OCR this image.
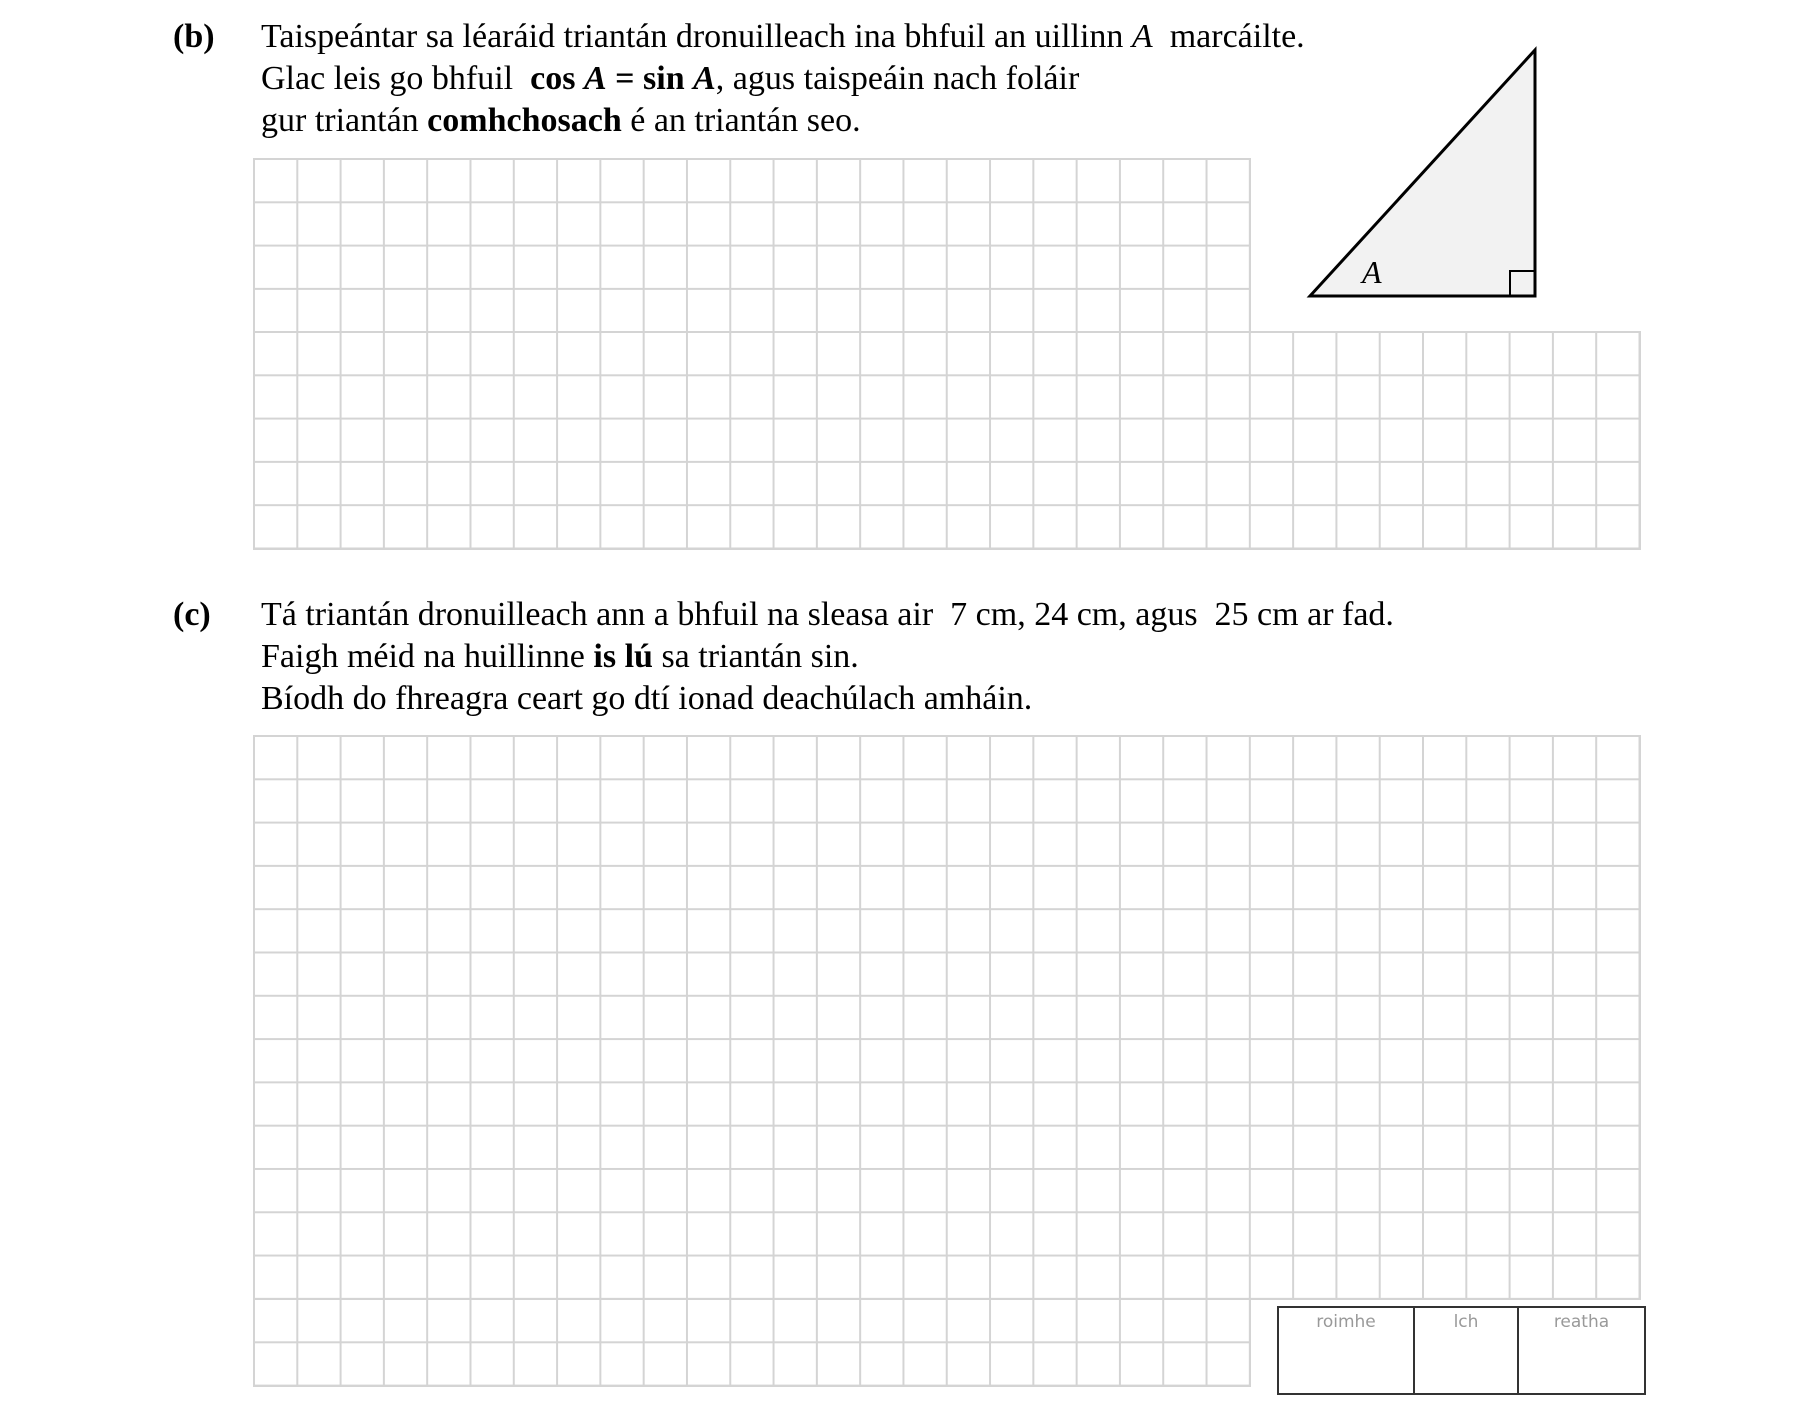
(b) Taispeántar sa léaráid triantán dronuilleach ina bhfuil an uillinn A  marcáilte.
Glac leis go bhfuil  cos A = sin A, agus taispeáin nach foláir
gur triantán comhchosach é an triantán seo.
A
(c) Tá triantán dronuilleach ann a bhfuil na sleasa air  7 cm, 24 cm, agus  25 cm ar fad.
Faigh méid na huillinne is lú sa triantán sin.
Bíodh do fhreagra ceart go dtí ionad deachúlach amháin.
roimhe	lch	reatha
